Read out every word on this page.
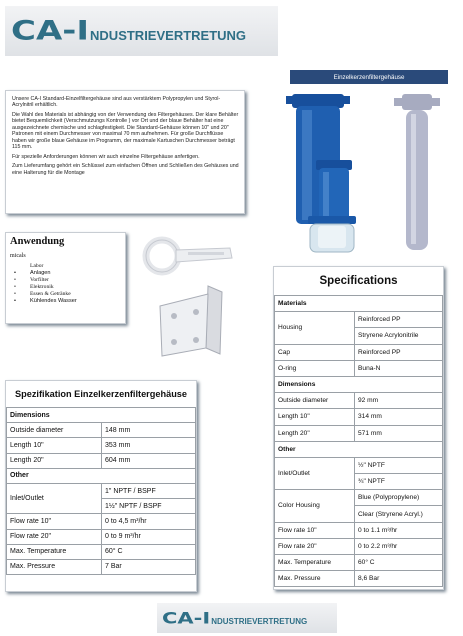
CA-I NDUSTRIEVERTRETUNG

Unsere CA-I Standard-Einzelfiltergehäuse sind aus verstärktem Polypropylen und Styrol-Acrylnitril erhältlich.

Die Wahl des Materials ist abhängig von der Verwendung des Filtergehäuses. Der klare Behälter bietet Bequemlichkeit (Verschmutzungs Kontrolle ) vor Ort und der blaue Behälter hat eine ausgezeichnete chemische und schlagfestigkeit. Die Standard-Gehäuse können 10" und 20" Patronen mit einem Durchmesser von maximal 70 mm aufnehmen. Für große Durchflüsse haben wir große blaue Gehäuse im Programm, der maximale Kartuschen Durchmesser beträgt 115 mm.

Für spezielle Anforderungen können wir auch einzelne Filtergehäuse anfertigen.

Zum Lieferumfang gehört ein Schlüssel zum einfachen Öffnen und Schließen des Gehäuses und eine Halterung für die Montage

Einzelkerzenfiltergehäuse
Anwendung
micals
Labor
•	Anlagen
•	Vorfilter
•	Elektronik
•	Essen & Getränke
•	Kühlendes Wasser
Spezifikation Einzelkerzenfiltergehäuse
Dimensions	
Outside diameter	148 mm
Length 10"	353 mm
Length 20"	604 mm
Other	
Inlet/Outlet	1" NPTF / BSPF
	1½" NPTF / BSPF
Flow rate 10"	0 to 4,5 m³/hr
Flow rate 20"	0 to 9 m³/hr
Max. Temperature	60° C
Max. Pressure	7 Bar
Specifications
Materials	
Housing	Reinforced PP
	Stryrene Acrylonitrile
Cap	Reinforced PP
O-ring	Buna-N
Dimensions	
Outside diameter	92 mm
Length 10"	314 mm
Length 20"	571 mm
Other	
Inlet/Outlet	½" NPTF
	¾" NPTF
Color Housing	Blue (Polypropylene)
	Clear (Stryrene Acryl.)
Flow rate 10"	0 to 1.1 m³/hr
Flow rate 20"	0 to 2.2 m³/hr
Max. Temperature	60° C
Max. Pressure	8,6 Bar
CA-I NDUSTRIEVERTRETUNG
